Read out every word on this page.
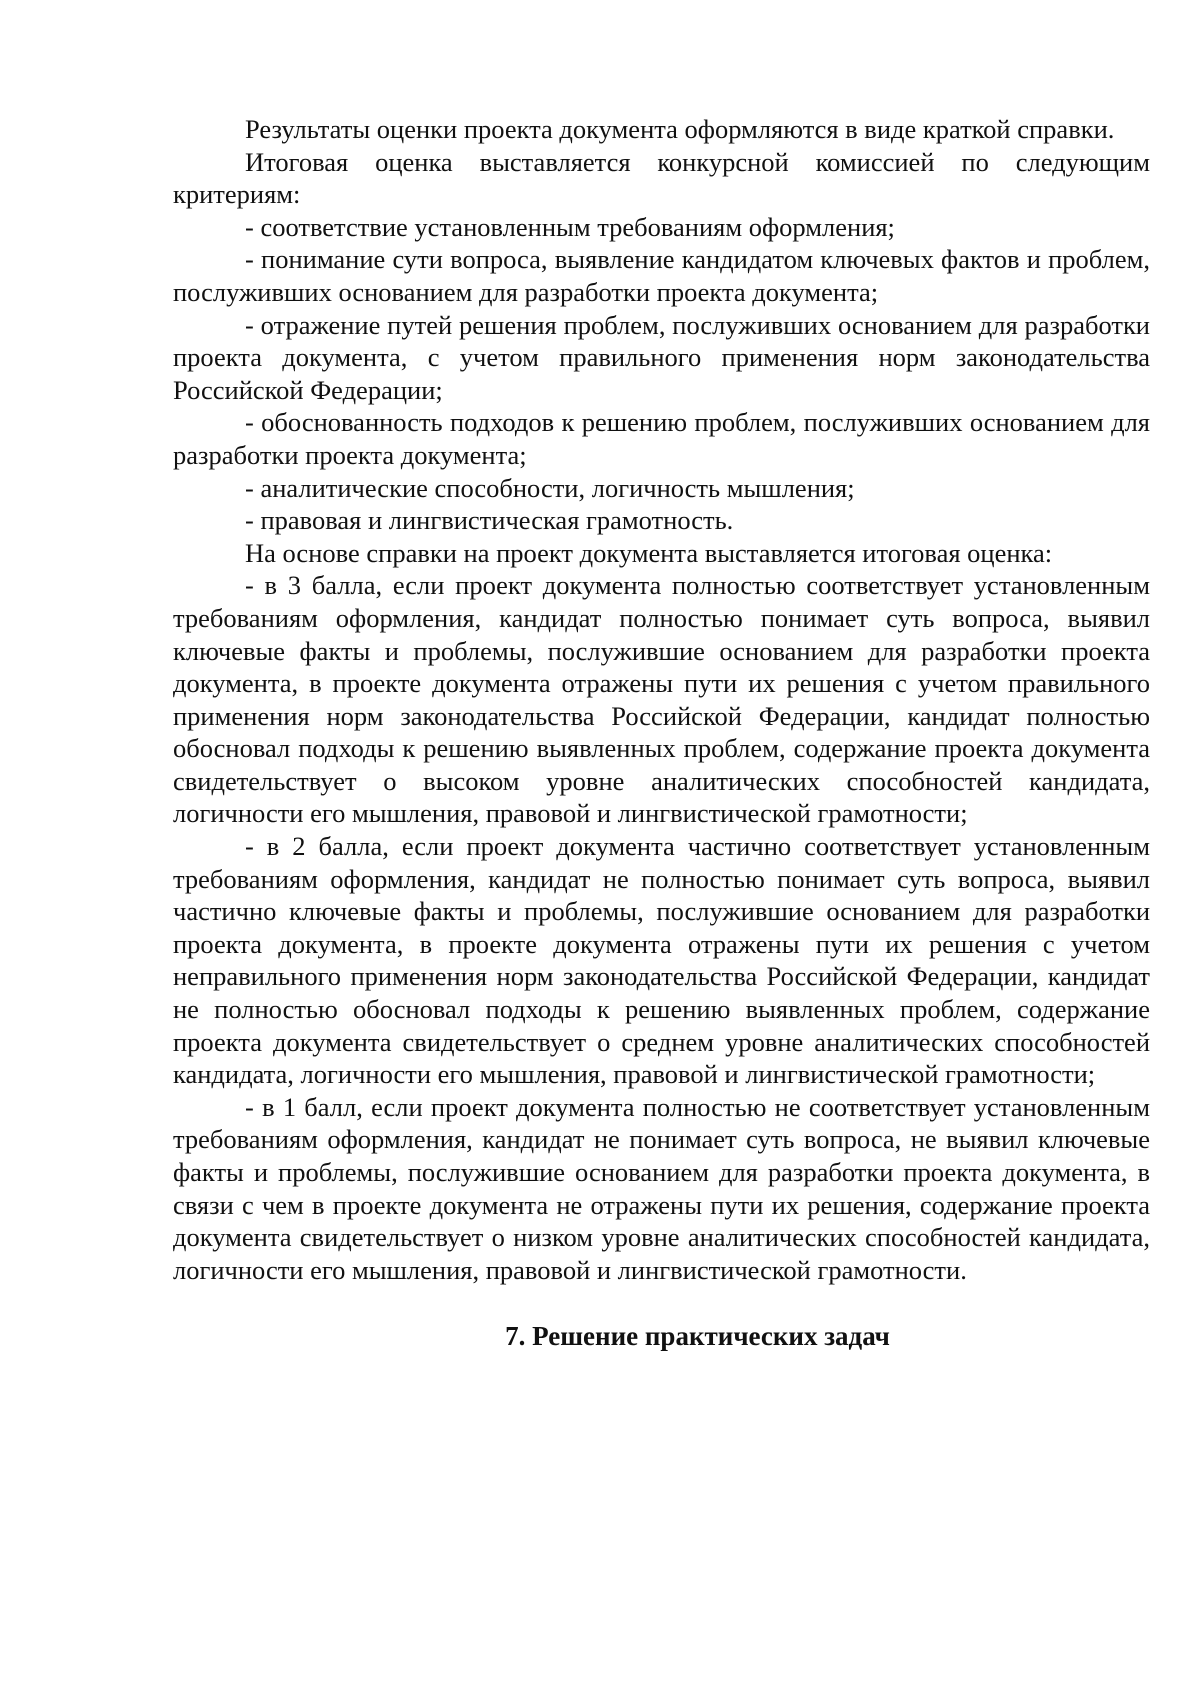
Результаты оценки проекта документа оформляются в виде краткой справки.

Итоговая оценка выставляется конкурсной комиссией по следующим критериям:

- соответствие установленным требованиям оформления;

- понимание сути вопроса, выявление кандидатом ключевых фактов и проблем, послуживших основанием для разработки проекта документа;

- отражение путей решения проблем, послуживших основанием для разработки проекта документа, с учетом правильного применения норм законодательства Российской Федерации;

- обоснованность подходов к решению проблем, послуживших основанием для разработки проекта документа;

- аналитические способности, логичность мышления;

- правовая и лингвистическая грамотность.

На основе справки на проект документа выставляется итоговая оценка:

- в 3 балла, если проект документа полностью соответствует установленным требованиям оформления, кандидат полностью понимает суть вопроса, выявил ключевые факты и проблемы, послужившие основанием для разработки проекта документа, в проекте документа отражены пути их решения с учетом правильного применения норм законодательства Российской Федерации, кандидат полностью обосновал подходы к решению выявленных проблем, содержание проекта документа свидетельствует о высоком уровне аналитических способностей кандидата, логичности его мышления, правовой и лингвистической грамотности;

- в 2 балла, если проект документа частично соответствует установленным требованиям оформления, кандидат не полностью понимает суть вопроса, выявил частично ключевые факты и проблемы, послужившие основанием для разработки проекта документа, в проекте документа отражены пути их решения с учетом неправильного применения норм законодательства Российской Федерации, кандидат не полностью обосновал подходы к решению выявленных проблем, содержание проекта документа свидетельствует о среднем уровне аналитических способностей кандидата, логичности его мышления, правовой и лингвистической грамотности;

- в 1 балл, если проект документа полностью не соответствует установленным требованиям оформления, кандидат не понимает суть вопроса, не выявил ключевые факты и проблемы, послужившие основанием для разработки проекта документа, в связи с чем в проекте документа не отражены пути их решения, содержание проекта документа свидетельствует о низком уровне аналитических способностей кандидата, логичности его мышления, правовой и лингвистической грамотности.

7. Решение практических задач
